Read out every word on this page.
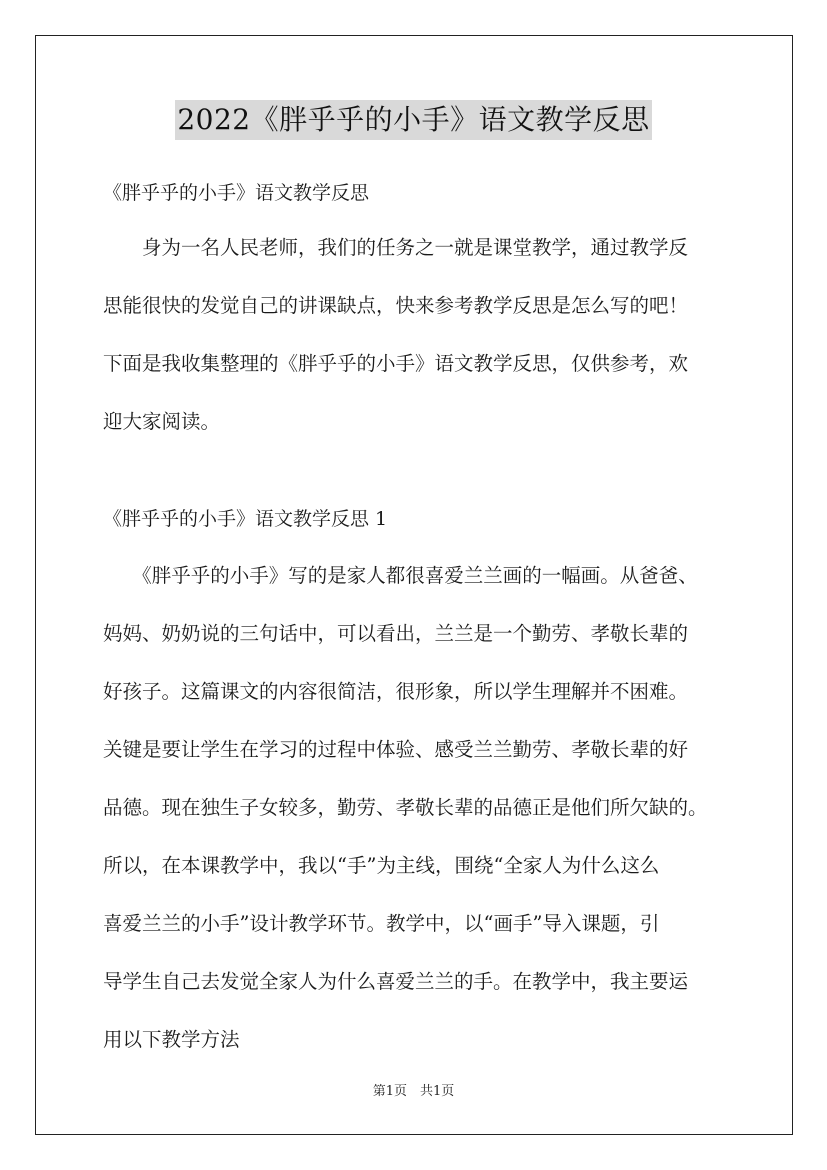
2022《胖乎乎的小手》语文教学反思
《胖乎乎的小手》语文教学反思

　　身为一名人民老师，我们的任务之一就是课堂教学，通过教学反
思能很快的发觉自己的讲课缺点，快来参考教学反思是怎么写的吧！
下面是我收集整理的《胖乎乎的小手》语文教学反思，仅供参考，欢
迎大家阅读。

《胖乎乎的小手》语文教学反思 1

　　《胖乎乎的小手》写的是家人都很喜爱兰兰画的一幅画。从爸爸、
妈妈、奶奶说的三句话中，可以看出，兰兰是一个勤劳、孝敬长辈的
好孩子。这篇课文的内容很简洁，很形象，所以学生理解并不困难。
关键是要让学生在学习的过程中体验、感受兰兰勤劳、孝敬长辈的好
品德。现在独生子女较多，勤劳、孝敬长辈的品德正是他们所欠缺的。
所以，在本课教学中，我以“手”为主线，围绕“全家人为什么这么
喜爱兰兰的小手”设计教学环节。教学中，以“画手”导入课题，引
导学生自己去发觉全家人为什么喜爱兰兰的手。在教学中，我主要运
用以下教学方法

第1页　共1页
